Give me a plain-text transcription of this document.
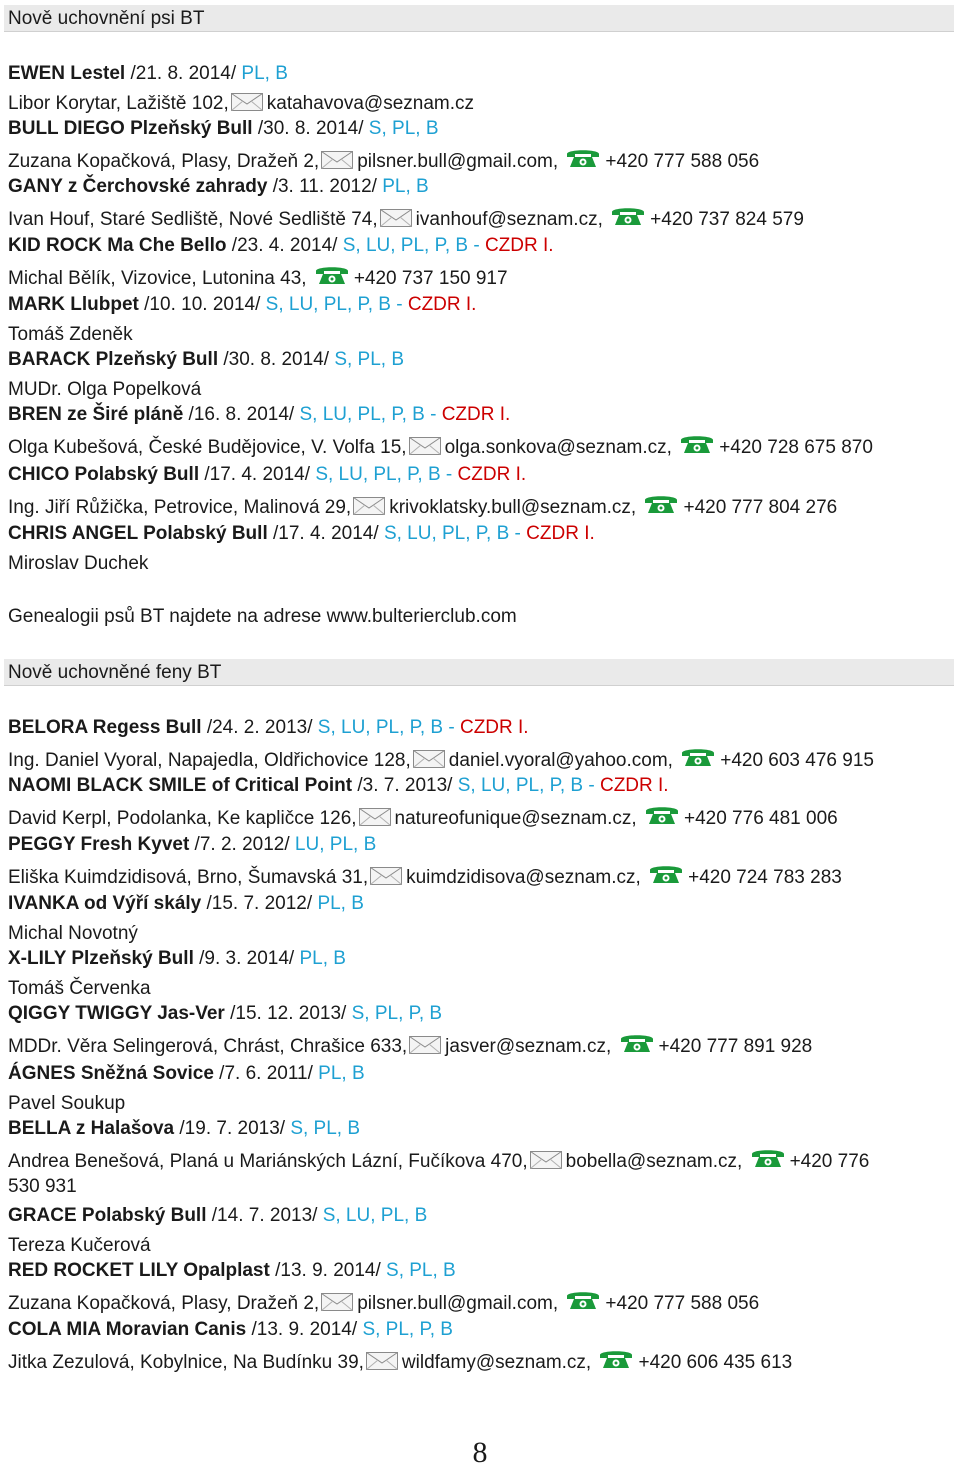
Nově uchovnění psi BT
EWEN Lestel /21. 8. 2014/ PL, B
Libor Korytar, Lažiště 102, katahavova@seznam.cz
BULL DIEGO Plzeňský Bull /30. 8. 2014/ S, PL, B
Zuzana Kopačková, Plasy, Dražeň 2, pilsner.bull@gmail.com, +420 777 588 056
GANY z Čerchovské zahrady /3. 11. 2012/ PL, B
Ivan Houf, Staré Sedliště, Nové Sedliště 74, ivanhouf@seznam.cz, +420 737 824 579
KID ROCK Ma Che Bello /23. 4. 2014/ S, LU, PL, P, B - CZDR I.
Michal Bělík, Vizovice, Lutonina 43, +420 737 150 917
MARK Llubpet /10. 10. 2014/ S, LU, PL, P, B - CZDR I.
Tomáš Zdeněk
BARACK Plzeňský Bull /30. 8. 2014/ S, PL, B
MUDr. Olga Popelková
BREN ze Širé pláně /16. 8. 2014/ S, LU, PL, P, B - CZDR I.
Olga Kubešová, České Budějovice, V. Volfa 15, olga.sonkova@seznam.cz, +420 728 675 870
CHICO Polabský Bull /17. 4. 2014/ S, LU, PL, P, B - CZDR I.
Ing. Jiří Růžička, Petrovice, Malinová 29, krivoklatsky.bull@seznam.cz, +420 777 804 276
CHRIS ANGEL Polabský Bull /17. 4. 2014/ S, LU, PL, P, B - CZDR I.
Miroslav Duchek
Genealogii psů BT najdete na adrese www.bulterierclub.com
Nově uchovněné feny BT
BELORA Regess Bull /24. 2. 2013/ S, LU, PL, P, B - CZDR I.
Ing. Daniel Vyoral, Napajedla, Oldřichovice 128, daniel.vyoral@yahoo.com, +420 603 476 915
NAOMI BLACK SMILE of Critical Point /3. 7. 2013/ S, LU, PL, P, B - CZDR I.
David Kerpl, Podolanka, Ke kapličce 126, natureofunique@seznam.cz, +420 776 481 006
PEGGY Fresh Kyvet /7. 2. 2012/ LU, PL, B
Eliška Kuimdzidisová, Brno, Šumavská 31, kuimdzidisova@seznam.cz, +420 724 783 283
IVANKA od Výří skály /15. 7. 2012/ PL, B
Michal Novotný
X-LILY Plzeňský Bull /9. 3. 2014/ PL, B
Tomáš Červenka
QIGGY TWIGGY Jas-Ver /15. 12. 2013/ S, PL, P, B
MDDr. Věra Selingerová, Chrást, Chrašice 633, jasver@seznam.cz, +420 777 891 928
ÁGNES Sněžná Sovice /7. 6. 2011/ PL, B
Pavel Soukup
BELLA z Halašova /19. 7. 2013/ S, PL, B
Andrea Benešová, Planá u Mariánských Lázní, Fučíkova 470, bobella@seznam.cz, +420 776
530 931
GRACE Polabský Bull /14. 7. 2013/ S, LU, PL, B
Tereza Kučerová
RED ROCKET LILY Opalplast /13. 9. 2014/ S, PL, B
Zuzana Kopačková, Plasy, Dražeň 2, pilsner.bull@gmail.com, +420 777 588 056
COLA MIA Moravian Canis /13. 9. 2014/ S, PL, P, B
Jitka Zezulová, Kobylnice, Na Budínku 39, wildfamy@seznam.cz, +420 606 435 613
8
